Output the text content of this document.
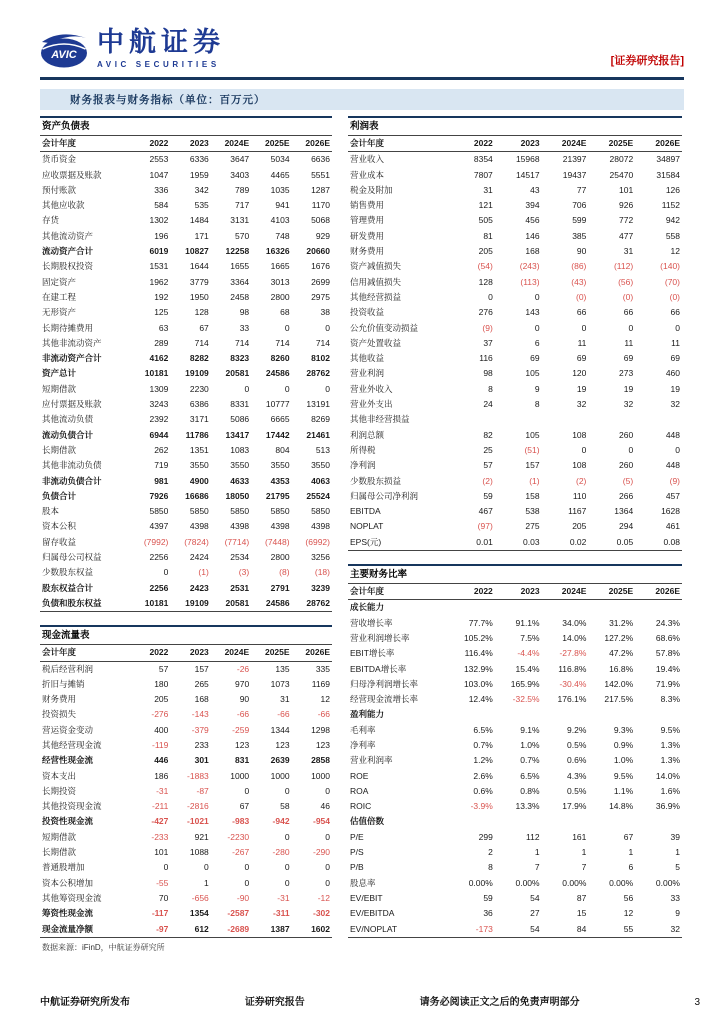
AVIC 中航证券
AVIC SECURITIES	[证券研究报告]
财务报表与财务指标（单位：百万元）
资产负债表					
会计年度	2022	2023	2024E	2025E	2026E
货币资金	2553	6336	3647	5034	6636
应收票据及账款	1047	1959	3403	4465	5551
预付账款	336	342	789	1035	1287
其他应收款	584	535	717	941	1170
存货	1302	1484	3131	4103	5068
其他流动资产	196	171	570	748	929
流动资产合计	6019	10827	12258	16326	20660
长期股权投资	1531	1644	1655	1665	1676
固定资产	1962	3779	3364	3013	2699
在建工程	192	1950	2458	2800	2975
无形资产	125	128	98	68	38
长期待摊费用	63	67	33	0	0
其他非流动资产	289	714	714	714	714
非流动资产合计	4162	8282	8323	8260	8102
资产总计	10181	19109	20581	24586	28762
短期借款	1309	2230	0	0	0
应付票据及账款	3243	6386	8331	10777	13191
其他流动负债	2392	3171	5086	6665	8269
流动负债合计	6944	11786	13417	17442	21461
长期借款	262	1351	1083	804	513
其他非流动负债	719	3550	3550	3550	3550
非流动负债合计	981	4900	4633	4353	4063
负债合计	7926	16686	18050	21795	25524
股本	5850	5850	5850	5850	5850
资本公积	4397	4398	4398	4398	4398
留存收益	(7992)	(7824)	(7714)	(7448)	(6992)
归属母公司权益	2256	2424	2534	2800	3256
少数股东权益	0	(1)	(3)	(8)	(18)
股东权益合计	2256	2423	2531	2791	3239
负债和股东权益	10181	19109	20581	24586	28762
现金流量表					
会计年度	2022	2023	2024E	2025E	2026E
税后经营利润	57	157	-26	135	335
折旧与摊销	180	265	970	1073	1169
财务费用	205	168	90	31	12
投资损失	-276	-143	-66	-66	-66
营运资金变动	400	-379	-259	1344	1298
其他经营现金流	-119	233	123	123	123
经营性现金流	446	301	831	2639	2858
资本支出	186	-1883	1000	1000	1000
长期投资	-31	-87	0	0	0
其他投资现金流	-211	-2816	67	58	46
投资性现金流	-427	-1021	-983	-942	-954
短期借款	-233	921	-2230	0	0
长期借款	101	1088	-267	-280	-290
普通股增加	0	0	0	0	0
资本公积增加	-55	1	0	0	0
其他筹资现金流	70	-656	-90	-31	-12
筹资性现金流	-117	1354	-2587	-311	-302
现金流量净额	-97	612	-2689	1387	1602
数据来源：iFinD，中航证券研究所
利润表					
会计年度	2022	2023	2024E	2025E	2026E
营业收入	8354	15968	21397	28072	34897
营业成本	7807	14517	19437	25470	31584
税金及附加	31	43	77	101	126
销售费用	121	394	706	926	1152
管理费用	505	456	599	772	942
研发费用	81	146	385	477	558
财务费用	205	168	90	31	12
资产减值损失	(54)	(243)	(86)	(112)	(140)
信用减值损失	128	(113)	(43)	(56)	(70)
其他经营损益	0	0	(0)	(0)	(0)
投资收益	276	143	66	66	66
公允价值变动损益	(9)	0	0	0	0
资产处置收益	37	6	11	11	11
其他收益	116	69	69	69	69
营业利润	98	105	120	273	460
营业外收入	8	9	19	19	19
营业外支出	24	8	32	32	32
其他非经营损益					
利润总额	82	105	108	260	448
所得税	25	(51)	0	0	0
净利润	57	157	108	260	448
少数股东损益	(2)	(1)	(2)	(5)	(9)
归属母公司净利润	59	158	110	266	457
EBITDA	467	538	1167	1364	1628
NOPLAT	(97)	275	205	294	461
EPS(元)	0.01	0.03	0.02	0.05	0.08
主要财务比率					
会计年度	2022	2023	2024E	2025E	2026E
成长能力					
营收增长率	77.7%	91.1%	34.0%	31.2%	24.3%
营业利润增长率	105.2%	7.5%	14.0%	127.2%	68.6%
EBIT增长率	116.4%	-4.4%	-27.8%	47.2%	57.8%
EBITDA增长率	132.9%	15.4%	116.8%	16.8%	19.4%
归母净利润增长率	103.0%	165.9%	-30.4%	142.0%	71.9%
经营现金流增长率	12.4%	-32.5%	176.1%	217.5%	8.3%
盈利能力					
毛利率	6.5%	9.1%	9.2%	9.3%	9.5%
净利率	0.7%	1.0%	0.5%	0.9%	1.3%
营业利润率	1.2%	0.7%	0.6%	1.0%	1.3%
ROE	2.6%	6.5%	4.3%	9.5%	14.0%
ROA	0.6%	0.8%	0.5%	1.1%	1.6%
ROIC	-3.9%	13.3%	17.9%	14.8%	36.9%
估值倍数					
P/E	299	112	161	67	39
P/S	2	1	1	1	1
P/B	8	7	7	6	5
股息率	0.00%	0.00%	0.00%	0.00%	0.00%
EV/EBIT	59	54	87	56	33
EV/EBITDA	36	27	15	12	9
EV/NOPLAT	-173	54	84	55	32
中航证券研究所发布	证券研究报告	请务必阅读正文之后的免责声明部分	3
